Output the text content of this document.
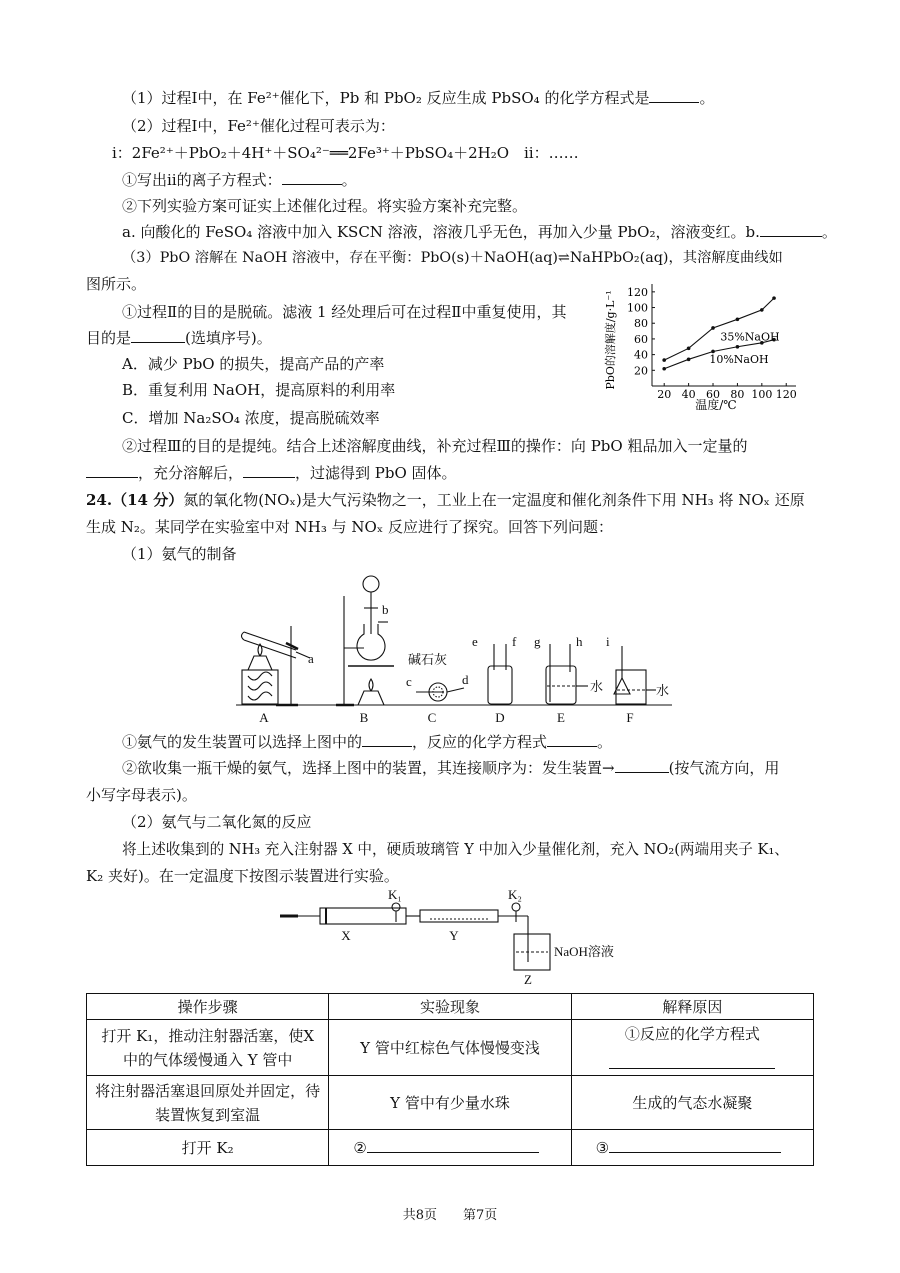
（1）过程Ⅰ中，在 Fe²⁺催化下，Pb 和 PbO₂ 反应生成 PbSO₄ 的化学方程式是	。
（2）过程Ⅰ中，Fe²⁺催化过程可表示为：
ⅰ：2Fe²⁺＋PbO₂＋4H⁺＋SO₄²⁻══2Fe³⁺＋PbSO₄＋2H₂O　ⅱ：……
①写出ⅱ的离子方程式：	。
②下列实验方案可证实上述催化过程。将实验方案补充完整。
a. 向酸化的 FeSO₄ 溶液中加入 KSCN 溶液，溶液几乎无色，再加入少量 PbO₂，溶液变红。b.	。
（3）PbO 溶解在 NaOH 溶液中，存在平衡：PbO(s)＋NaOH(aq)⇌NaHPbO₂(aq)，其溶解度曲线如
图所示。
①过程Ⅱ的目的是脱硫。滤液 1 经处理后可在过程Ⅱ中重复使用，其
目的是	(选填序号)。
A．减少 PbO 的损失，提高产品的产率
B．重复利用 NaOH，提高原料的利用率
C．增加 Na₂SO₄ 浓度，提高脱硫效率
②过程Ⅲ的目的是提纯。结合上述溶解度曲线，补充过程Ⅲ的操作：向 PbO 粗品加入一定量的
，充分溶解后，	，过滤得到 PbO 固体。
20 40 60 80 100 120
20
40
60
80
100
120
PbO的溶解度/g·L⁻¹
温度/℃
35%NaOH
10%NaOH
24.（14 分）氮的氧化物(NOₓ)是大气污染物之一，工业上在一定温度和催化剂条件下用 NH₃ 将 NOₓ 还原
生成 N₂。某同学在实验室中对 NH₃ 与 NOₓ 反应进行了探究。回答下列问题：
（1）氨气的制备
A	B	C	D	E	F
a
b
c	d
e	f g	h i
碱石灰
水	水
①氨气的发生装置可以选择上图中的	，反应的化学方程式	。
②欲收集一瓶干燥的氨气，选择上图中的装置，其连接顺序为：发生装置→	(按气流方向，用
小写字母表示)。
（2）氨气与二氧化氮的反应
将上述收集到的 NH₃ 充入注射器 X 中，硬质玻璃管 Y 中加入少量催化剂，充入 NO₂(两端用夹子 K₁、
K₂ 夹好)。在一定温度下按图示装置进行实验。
X	Y
Z
K₁	K₂
NaOH溶液
操作步骤	实验现象	解释原因
打开 K₁，推动注射器活塞，使X 中的气体缓慢通入 Y 管中	Y 管中红棕色气体慢慢变浅	①反应的化学方程式

将注射器活塞退回原处并固定，待装置恢复到室温	Y 管中有少量水珠	生成的气态水凝聚
打开 K₂	②	③
共8页　　第7页
